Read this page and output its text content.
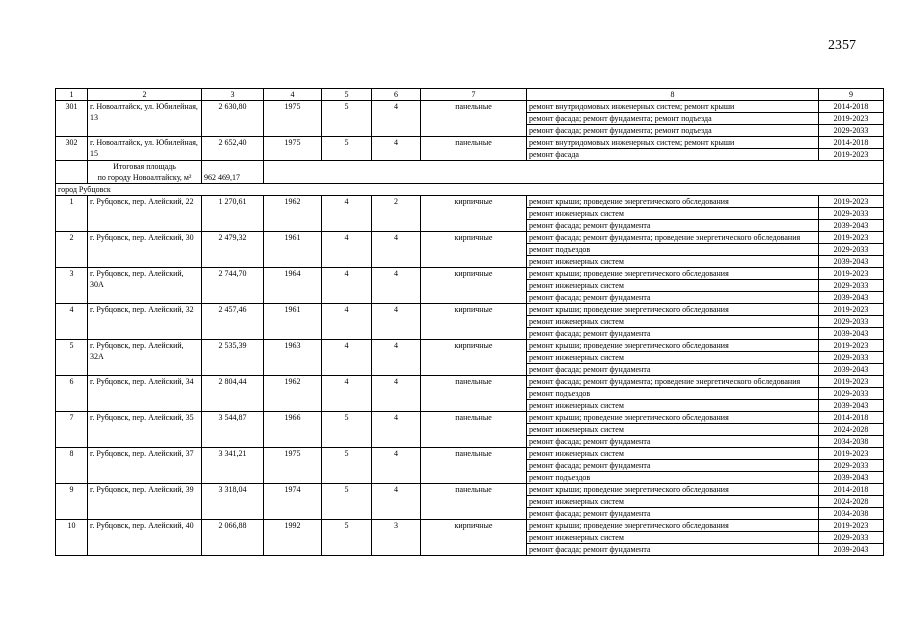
2357
1	2	3	4	5	6	7	8	9
301	г. Новоалтайск, ул. Юбилейная, 13	2 630,80	1975	5	4	панельные	ремонт внутридомовых инженерных систем; ремонт крыши	2014-2018
							ремонт фасада; ремонт фундамента; ремонт подъезда	2019-2023
							ремонт фасада; ремонт фундамента; ремонт подъезда	2029-2033
302	г. Новоалтайск, ул. Юбилейная, 15	2 652,40	1975	5	4	панельные	ремонт внутридомовых инженерных систем; ремонт крыши	2014-2018
							ремонт фасада	2019-2023
	Итоговая площадь
по городу Новоалтайску, м²	962 469,17						

город Рубцовск								
1	г. Рубцовск, пер. Алейский, 22	1 270,61	1962	4	2	кирпичные	ремонт крыши; проведение энергетического обследования	2019-2023
							ремонт инженерных систем	2029-2033
							ремонт фасада; ремонт фундамента	2039-2043
2	г. Рубцовск, пер. Алейский, 30	2 479,32	1961	4	4	кирпичные	ремонт фасада; ремонт фундамента; проведение энергетического обследования	2019-2023
							ремонт подъездов	2029-2033
							ремонт инженерных систем	2039-2043
3	г. Рубцовск, пер. Алейский, 30А	2 744,70	1964	4	4	кирпичные	ремонт крыши; проведение энергетического обследования	2019-2023
							ремонт инженерных систем	2029-2033
							ремонт фасада; ремонт фундамента	2039-2043
4	г. Рубцовск, пер. Алейский, 32	2 457,46	1961	4	4	кирпичные	ремонт крыши; проведение энергетического обследования	2019-2023
							ремонт инженерных систем	2029-2033
							ремонт фасада; ремонт фундамента	2039-2043
5	г. Рубцовск, пер. Алейский, 32А	2 535,39	1963	4	4	кирпичные	ремонт крыши; проведение энергетического обследования	2019-2023
							ремонт инженерных систем	2029-2033
							ремонт фасада; ремонт фундамента	2039-2043
6	г. Рубцовск, пер. Алейский, 34	2 804,44	1962	4	4	панельные	ремонт фасада; ремонт фундамента; проведение энергетического обследования	2019-2023
							ремонт подъездов	2029-2033
							ремонт инженерных систем	2039-2043
7	г. Рубцовск, пер. Алейский, 35	3 544,87	1966	5	4	панельные	ремонт крыши; проведение энергетического обследования	2014-2018
							ремонт инженерных систем	2024-2028
							ремонт фасада; ремонт фундамента	2034-2038
8	г. Рубцовск, пер. Алейский, 37	3 341,21	1975	5	4	панельные	ремонт инженерных систем	2019-2023
							ремонт фасада; ремонт фундамента	2029-2033
							ремонт подъездов	2039-2043
9	г. Рубцовск, пер. Алейский, 39	3 318,04	1974	5	4	панельные	ремонт крыши; проведение энергетического обследования	2014-2018
							ремонт инженерных систем	2024-2028
							ремонт фасада; ремонт фундамента	2034-2038
10	г. Рубцовск, пер. Алейский, 40	2 066,88	1992	5	3	кирпичные	ремонт крыши; проведение энергетического обследования	2019-2023
							ремонт инженерных систем	2029-2033
							ремонт фасада; ремонт фундамента	2039-2043
